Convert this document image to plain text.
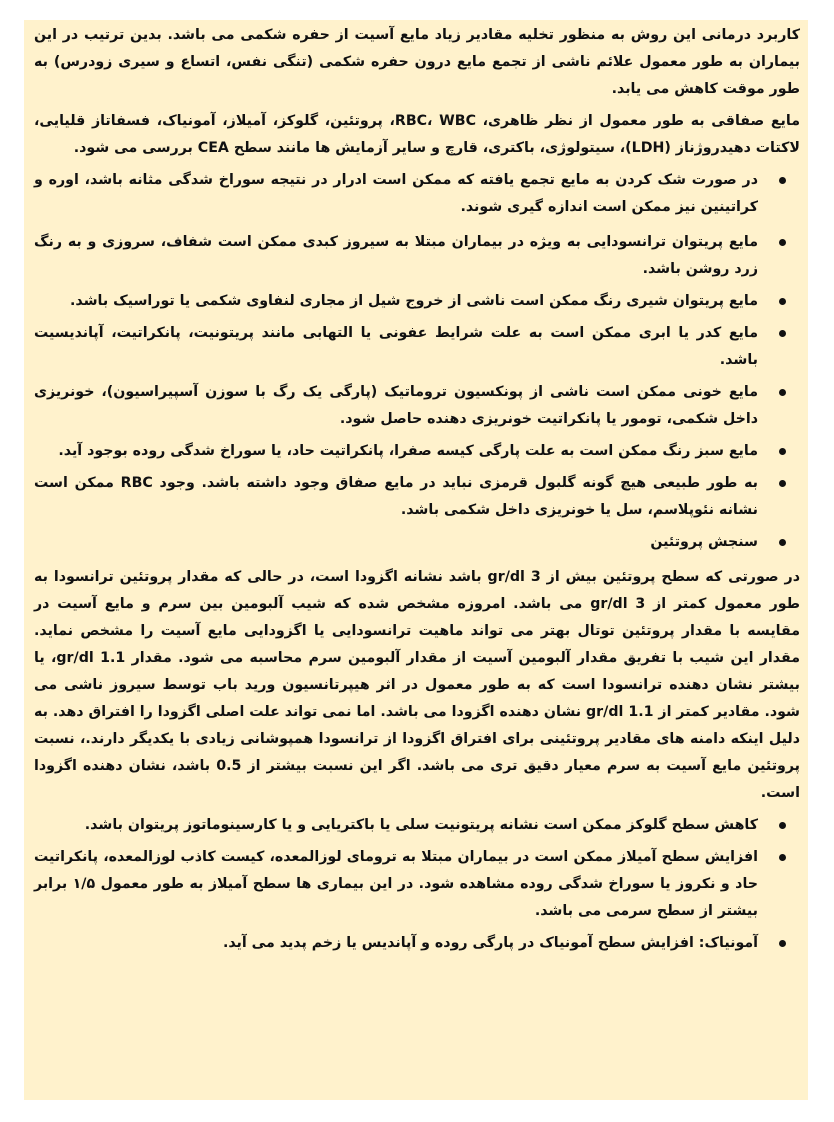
کاربرد درمانی این روش به منظور تخلیه مقادیر زیاد مایع آسیت از حفره شکمی می باشد. بدین ترتیب در این بیماران به طور معمول علائم ناشی از تجمع مایع درون حفره شکمی (تنگی نفس، اتساع و سیری زودرس) به طور موقت کاهش می یابد.

مایع صفاقی به طور معمول از نظر ظاهری، RBC، WBC، پروتئین، گلوکز، آمیلاز، آمونیاک، فسفاتاز قلیایی، لاکتات دهیدروژناز (LDH)، سیتولوژی، باکتری، قارچ و سایر آزمایش ها مانند سطح CEA بررسی می شود.

در صورت شک کردن به مایع تجمع یافته که ممکن است ادرار در نتیجه سوراخ شدگی مثانه باشد، اوره و کراتینین نیز ممکن است اندازه گیری شوند.
مایع پریتوان ترانسودایی به ویژه در بیماران مبتلا به سیروز کبدی ممکن است شفاف، سروزی و به رنگ زرد روشن باشد.
مایع پریتوان شیری رنگ ممکن است ناشی از خروج شیل از مجاری لنفاوی شکمی یا توراسیک باشد.
مایع کدر یا ابری ممکن است به علت شرایط عفونی یا التهابی مانند پریتونیت، پانکراتیت، آپاندیسیت باشد.
مایع خونی ممکن است ناشی از پونکسیون تروماتیک (پارگی یک رگ با سوزن آسپیراسیون)، خونریزی داخل شکمی، تومور یا پانکراتیت خونریزی دهنده حاصل شود.
مایع سبز رنگ ممکن است به علت پارگی کیسه صفرا، پانکراتیت حاد، یا سوراخ شدگی روده بوجود آید.
به طور طبیعی هیچ گونه گلبول قرمزی نباید در مایع صفاق وجود داشته باشد. وجود RBC ممکن است نشانه نئوپلاسم، سل یا خونریزی داخل شکمی باشد.
سنجش پروتئین

در صورتی که سطح پروتئین بیش از 3 gr/dl باشد نشانه اگزودا است، در حالی که مقدار پروتئین ترانسودا به طور معمول کمتر از 3 gr/dl می باشد. امروزه مشخص شده که شیب آلبومین بین سرم و مایع آسیت در مقایسه با مقدار پروتئین توتال بهتر می تواند ماهیت ترانسودایی یا اگزودایی مایع آسیت را مشخص نماید. مقدار این شیب با تفریق مقدار آلبومین آسیت از مقدار آلبومین سرم محاسبه می شود. مقدار 1.1 gr/dl، یا بیشتر نشان دهنده ترانسودا است که به طور معمول در اثر هیپرتانسیون ورید باب توسط سیروز ناشی می شود. مقادیر کمتر از 1.1 gr/dl نشان دهنده اگزودا می باشد. اما نمی تواند علت اصلی اگزودا را افتراق دهد. به دلیل اینکه دامنه های مقادیر پروتئینی برای افتراق اگزودا از ترانسودا همپوشانی زیادی با یکدیگر دارند.، نسبت پروتئین مایع آسیت به سرم معیار دقیق تری می باشد. اگر این نسبت بیشتر از 0.5 باشد، نشان دهنده اگزودا است.

کاهش سطح گلوکز ممکن است نشانه پریتونیت سلی یا باکتریایی و یا کارسینوماتوز پریتوان باشد.
افزایش سطح آمیلاز ممکن است در بیماران مبتلا به ترومای لوزالمعده، کیست کاذب لوزالمعده، پانکراتیت حاد و نکروز یا سوراخ شدگی روده مشاهده شود. در این بیماری ها سطح آمیلاز به طور معمول ۱/۵ برابر بیشتر از سطح سرمی می باشد.
آمونیاک: افزایش سطح آمونیاک در پارگی روده و آپاندیس یا زخم پدید می آید.
